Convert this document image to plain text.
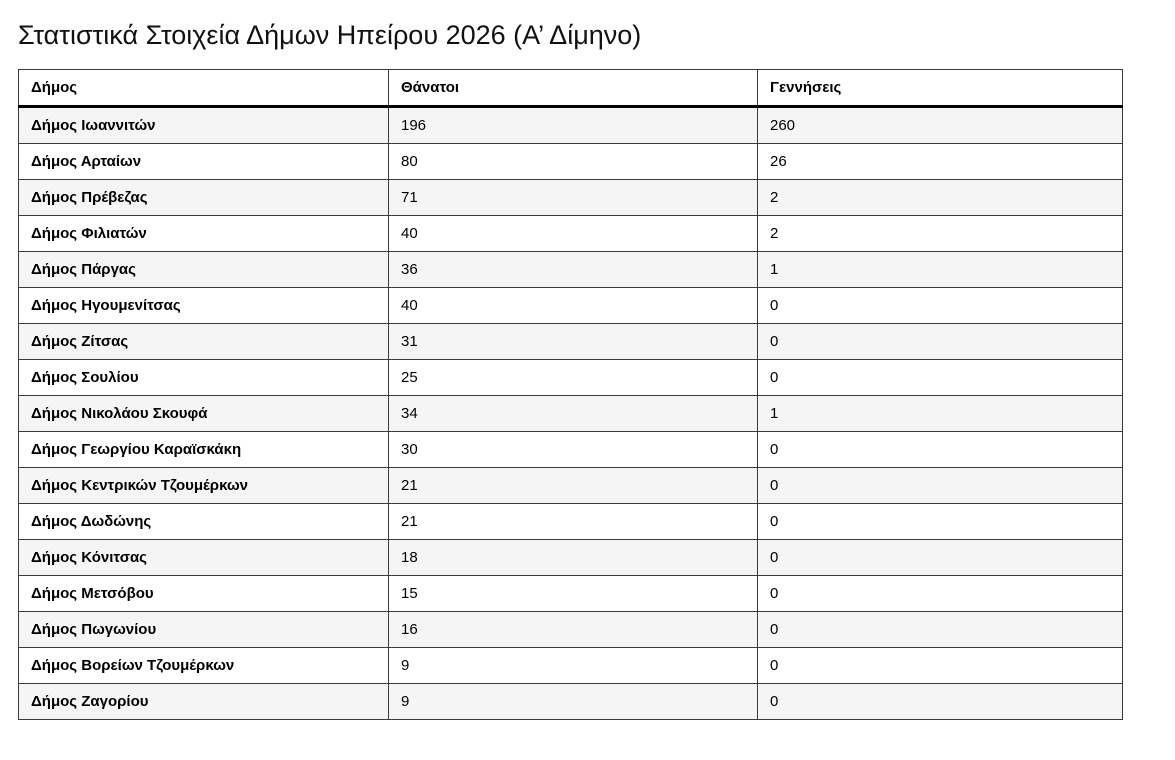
Στατιστικά Στοιχεία Δήμων Ηπείρου 2026 (Α’ Δίμηνο)
Δήμος	Θάνατοι	Γεννήσεις
Δήμος Ιωαννιτών	196	260
Δήμος Αρταίων	80	26
Δήμος Πρέβεζας	71	2
Δήμος Φιλιατών	40	2
Δήμος Πάργας	36	1
Δήμος Ηγουμενίτσας	40	0
Δήμος Ζίτσας	31	0
Δήμος Σουλίου	25	0
Δήμος Νικολάου Σκουφά	34	1
Δήμος Γεωργίου Καραϊσκάκη	30	0
Δήμος Κεντρικών Τζουμέρκων	21	0
Δήμος Δωδώνης	21	0
Δήμος Κόνιτσας	18	0
Δήμος Μετσόβου	15	0
Δήμος Πωγωνίου	16	0
Δήμος Βορείων Τζουμέρκων	9	0
Δήμος Ζαγορίου	9	0
